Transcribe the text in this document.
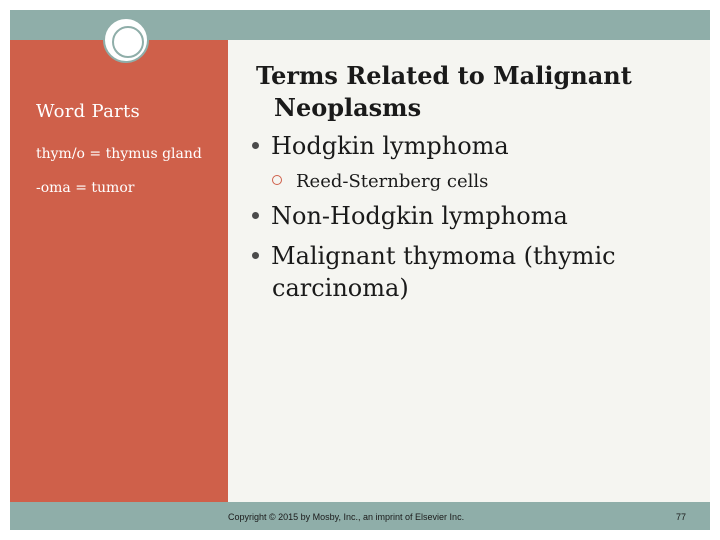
Word Parts
thym/o = thymus gland
-oma = tumor
Terms Related to Malignant
Neoplasms
Hodgkin lymphoma
Reed-Sternberg cells
Non-Hodgkin lymphoma
Malignant thymoma (thymic
carcinoma)
Copyright © 2015 by Mosby, Inc., an imprint of Elsevier Inc.	77
